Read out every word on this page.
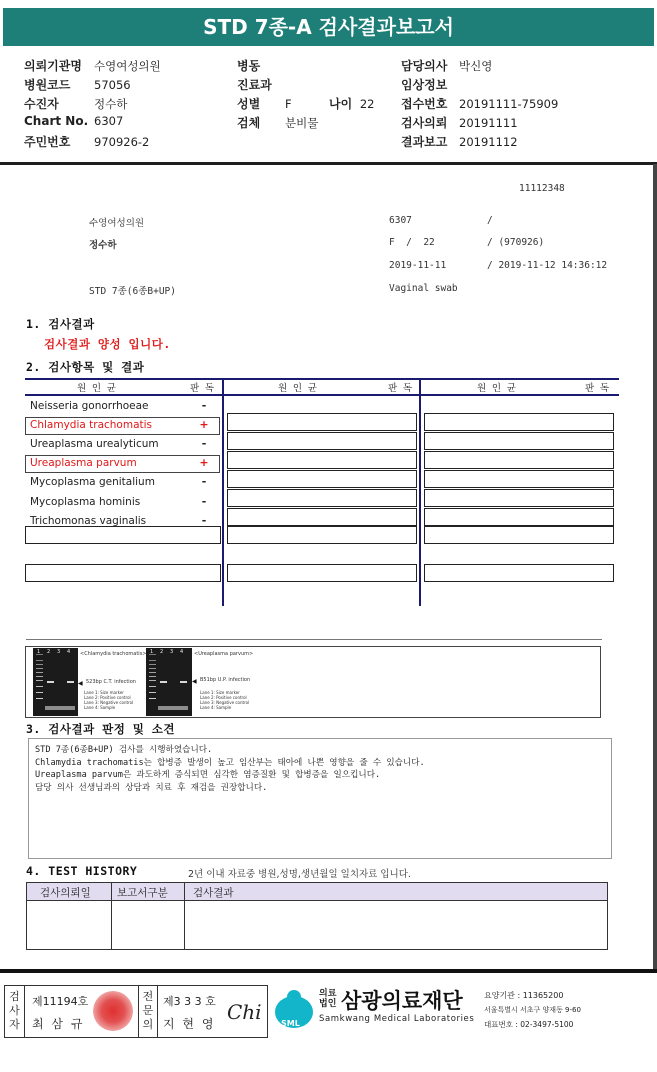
STD 7종-A 검사결과보고서
의뢰기관명 수영여성의원
병원코드 57056
수진자	정수하
Chart No. 6307
주민번호 970926-2
병동
진료과
성별 F
검체 분비물
나이 22
담당의사 박신영
임상정보
접수번호 20191111-75909
검사의뢰 20191111
결과보고 20191112
11112348
수영여성의원	6307	/
정수하	F  /  22	/ (970926)
2019-11-11	/ 2019-11-12 14:36:12
STD 7종(6종B+UP)	Vaginal swab
1. 검사결과
검사결과 양성 입니다.
2. 검사항목 및 결과
원 인 균	판 독	원 인 균	판 독	원 인 균	판 독
Neisseria gonorrhoeae	-
Chlamydia trachomatis	+
Ureaplasma urealyticum	-
Ureaplasma parvum	+
Mycoplasma genitalium	-
Mycoplasma hominis	-
Trichomonas vaginalis	-
<Chlamydia trachomatis>
523bp C.T. infection
<Ureaplasma parvum>
B51bp U.P. infection
◀	◀
Lane 1: Size marker
Lane 2: Positive control
Lane 3: Negative control
Lane 4: Sample
Lane 1: Size marker
Lane 2: Positive control
Lane 3: Negative control
Lane 4: Sample
1 2 3 4	1 2 3 4
3. 검사결과 판정 및 소견
STD 7종(6종B+UP) 검사를 시행하였습니다.
Chlamydia trachomatis는 합병증 발생이 높고 임산부는 태아에 나쁜 영향을 줄 수 있습니다.
Ureaplasma parvum은 과도하게 증식되면 심각한 염증질환 및 합병증을 일으킵니다.
담당 의사 선생님과의 상담과 치료 후 재검을 권장합니다.
4. TEST HISTORY	2년 이내 자료중 병원,성명,생년월일 일치자료 입니다.
검사의뢰일	보고서구분 검사결과
검사자
제11194호
최 삼 규
전문의
제3 3 3 호
지 현 영 Chi SML
의료법인 삼광의료재단
Samkwang Medical Laboratories
요양기관 : 11365200
서울특별시 서초구 양재동 9-60
대표번호 : 02-3497-5100
